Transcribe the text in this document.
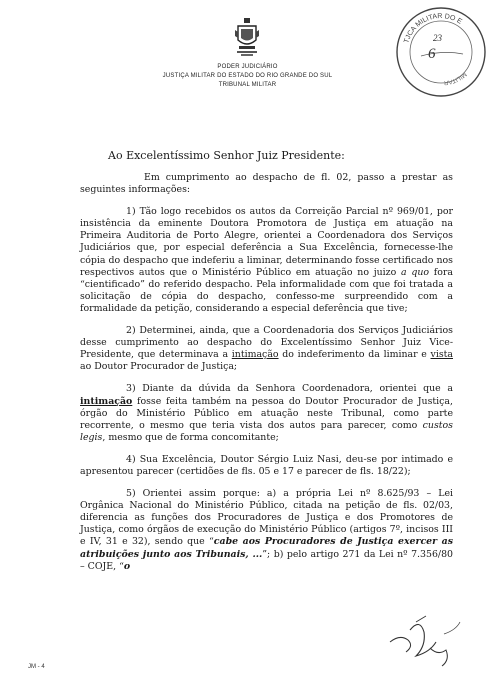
PODER JUDICIÁRIO
JUSTIÇA MILITAR DO ESTADO DO RIO GRANDE DO SUL
TRIBUNAL MILITAR
TJCA MILITAR DO E
MILITAR
23
6
Ao Excelentíssimo Senhor Juiz Presidente:

Em cumprimento ao despacho de fl. 02, passo a prestar as seguintes informações:

1) Tão logo recebidos os autos da Correição Parcial nº 969/01, por insistência da eminente Doutora Promotora de Justiça em atuação na Primeira Auditoria de Porto Alegre, orientei a Coordenadora dos Serviços Judiciários que, por especial deferência a Sua Excelência, fornecesse-lhe cópia do despacho que indeferiu a liminar, determinando fosse certificado nos respectivos autos que o Ministério Público em atuação no juizo a quo fora “cientificado” do referido despacho. Pela informalidade com que foi tratada a solicitação de cópia do despacho, confesso-me surpreendido com a formalidade da petição, considerando a especial deferência que tive;

2) Determinei, ainda, que a Coordenadoria dos Serviços Judiciários desse cumprimento ao despacho do Excelentíssimo Senhor Juiz Vice-Presidente, que determinava a intimação do indeferimento da liminar e vista ao Doutor Procurador de Justiça;

3) Diante da dúvida da Senhora Coordenadora, orientei que a intimação fosse feita também na pessoa do Doutor Procurador de Justiça, órgão do Ministério Público em atuação neste Tribunal, como parte recorrente, o mesmo que teria vista dos autos para parecer, como custos legis, mesmo que de forma concomitante;

4) Sua Excelência, Doutor Sérgio Luiz Nasi, deu-se por intimado e apresentou parecer (certidões de fls. 05 e 17 e parecer de fls. 18/22);

5) Orientei assim porque: a) a própria Lei nº 8.625/93 – Lei Orgânica Nacional do Ministério Público, citada na petição de fls. 02/03, diferencia as funções dos Procuradores de Justiça e dos Promotores de Justiça, como órgãos de execução do Ministério Público (artigos 7º, incisos III e IV, 31 e 32), sendo que “cabe aos Procuradores de Justiça exercer as atribuições junto aos Tribunais, ...”; b) pelo artigo 271 da Lei nº 7.356/80 – COJE, “o

JM - 4
